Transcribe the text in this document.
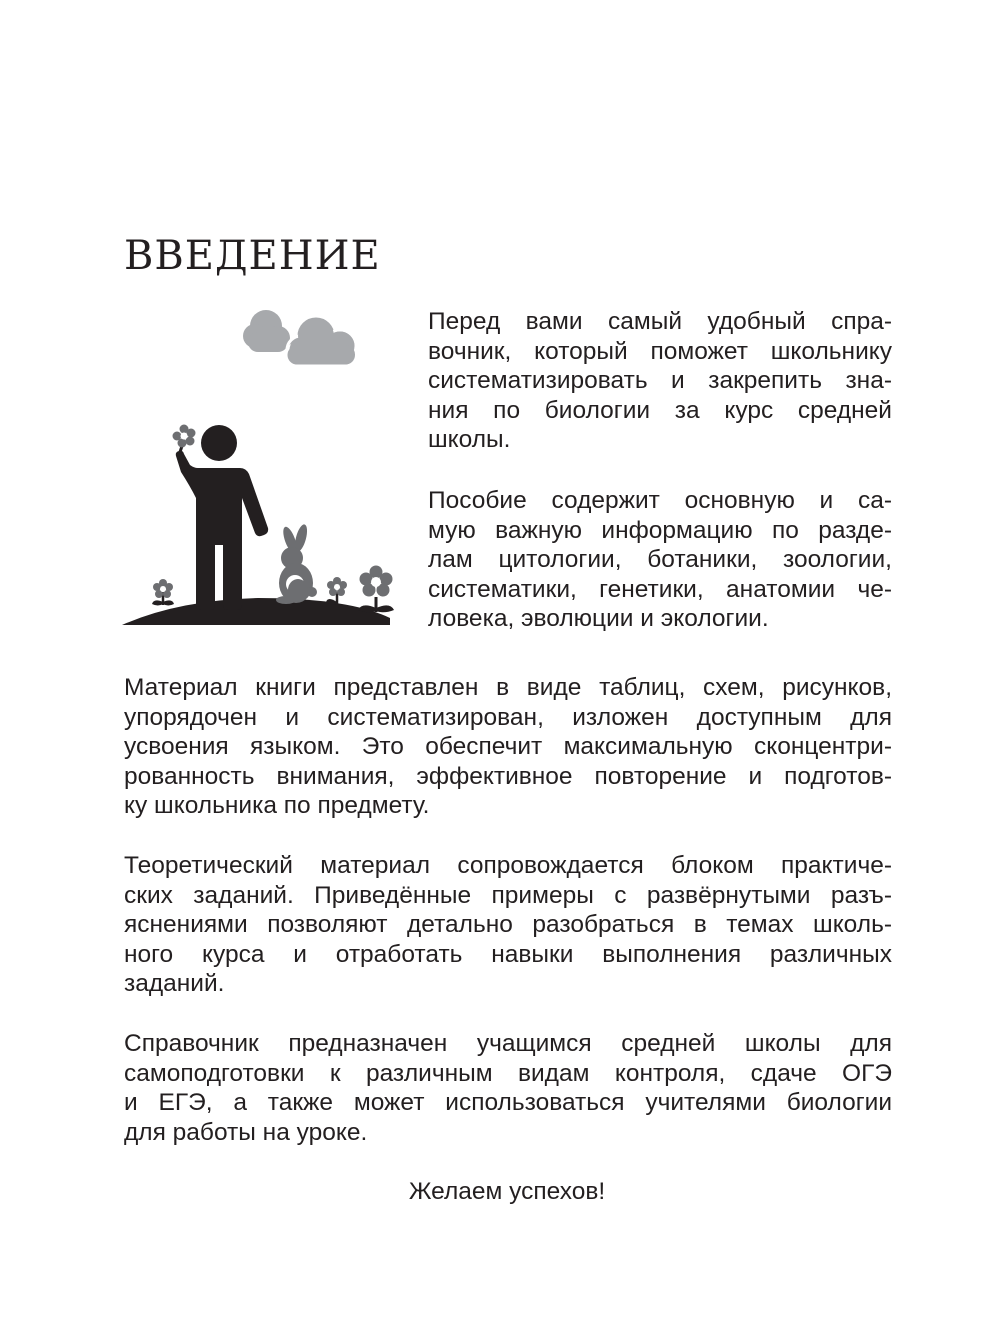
ВВЕДЕНИЕ

Перед вами самый удобный спра-
вочник, который поможет школьнику
систематизировать и закрепить зна-
ния по биологии за курс средней
школы.

Пособие содержит основную и са-
мую важную информацию по разде-
лам цитологии, ботаники, зоологии,
систематики, генетики, анатомии че-
ловека, эволюции и экологии.

Материал книги представлен в виде таблиц, схем, рисунков,
упорядочен и систематизирован, изложен доступным для
усвоения языком. Это обеспечит максимальную сконцентри-
рованность внимания, эффективное повторение и подготов-
ку школьника по предмету.

Теоретический материал сопровождается блоком практиче-
ских заданий. Приведённые примеры с развёрнутыми разъ-
яснениями позволяют детально разобраться в темах школь-
ного курса и отработать навыки выполнения различных
заданий.

Справочник предназначен учащимся средней школы для
самоподготовки к различным видам контроля, сдаче ОГЭ
и ЕГЭ, а также может использоваться учителями биологии
для работы на уроке.

Желаем успехов!
